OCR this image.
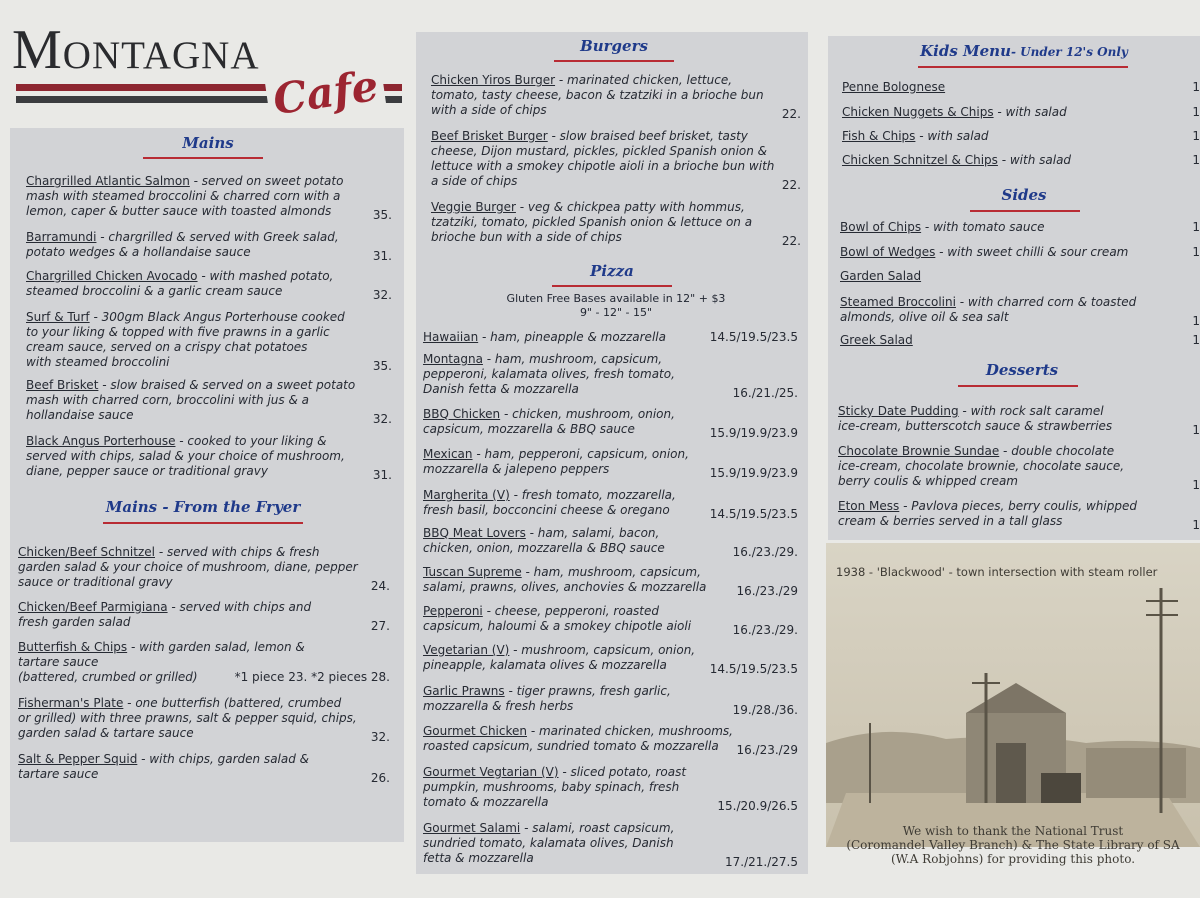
Montagna
Cafe
Mains
Chargrilled Atlantic Salmon - served on sweet potato
mash with steamed broccolini & charred corn with a
lemon, caper & butter sauce with toasted almonds	35.
Barramundi - chargrilled & served with Greek salad,
potato wedges & a hollandaise sauce	31.
Chargrilled Chicken Avocado - with mashed potato,
steamed broccolini & a garlic cream sauce	32.
Surf & Turf - 300gm Black Angus Porterhouse cooked
to your liking & topped with five prawns in a garlic
cream sauce, served on a crispy chat potatoes
with steamed broccolini	35.
Beef Brisket - slow braised & served on a sweet potato
mash with charred corn, broccolini with jus & a
hollandaise sauce	32.
Black Angus Porterhouse - cooked to your liking &
served with chips, salad & your choice of mushroom,
diane, pepper sauce or traditional gravy	31.
Mains - From the Fryer
Chicken/Beef Schnitzel - served with chips & fresh
garden salad & your choice of mushroom, diane, pepper
sauce or traditional gravy	24.
Chicken/Beef Parmigiana - served with chips and
fresh garden salad	27.
Butterfish & Chips - with garden salad, lemon &
tartare sauce
(battered, crumbed or grilled)	*1 piece 23. *2 pieces 28.
Fisherman's Plate - one butterfish (battered, crumbed
or grilled) with three prawns, salt & pepper squid, chips,
garden salad & tartare sauce	32.
Salt & Pepper Squid - with chips, garden salad &
tartare sauce	26.
Burgers
Chicken Yiros Burger - marinated chicken, lettuce,
tomato, tasty cheese, bacon & tzatziki in a brioche bun
with a side of chips	22.
Beef Brisket Burger - slow braised beef brisket, tasty
cheese, Dijon mustard, pickles, pickled Spanish onion &
lettuce with a smokey chipotle aioli in a brioche bun with
a side of chips	22.
Veggie Burger - veg & chickpea patty with hommus,
tzatziki, tomato, pickled Spanish onion & lettuce on a
brioche bun with a side of chips	22.
Pizza
Hawaiian - ham, pineapple & mozzarella	14.5/19.5/23.5
Montagna - ham, mushroom, capsicum,
pepperoni, kalamata olives, fresh tomato,
Danish fetta & mozzarella	16./21./25.
BBQ Chicken - chicken, mushroom, onion,
capsicum, mozzarella & BBQ sauce	15.9/19.9/23.9
Mexican - ham, pepperoni, capsicum, onion,
mozzarella & jalepeno peppers	15.9/19.9/23.9
Margherita (V) - fresh tomato, mozzarella,
fresh basil, bocconcini cheese & oregano	14.5/19.5/23.5
BBQ Meat Lovers - ham, salami, bacon,
chicken, onion, mozzarella & BBQ sauce	16./23./29.
Tuscan Supreme - ham, mushroom, capsicum,
salami, prawns, olives, anchovies & mozzarella	16./23./29
Pepperoni - cheese, pepperoni, roasted
capsicum, haloumi & a smokey chipotle aioli	16./23./29.
Vegetarian (V) - mushroom, capsicum, onion,
pineapple, kalamata olives & mozzarella	14.5/19.5/23.5
Garlic Prawns - tiger prawns, fresh garlic,
mozzarella & fresh herbs	19./28./36.
Gourmet Chicken - marinated chicken, mushrooms,
roasted capsicum, sundried tomato & mozzarella	16./23./29
Gourmet Vegtarian (V) - sliced potato, roast
pumpkin, mushrooms, baby spinach, fresh
tomato & mozzarella	15./20.9/26.5
Gourmet Salami - salami, roast capsicum,
sundried tomato, kalamata olives, Danish
fetta & mozzarella	17./21./27.5
Kids Menu- Under 12's Only
Penne Bolognese	1
Chicken Nuggets & Chips - with salad	1
Fish & Chips - with salad	1
Chicken Schnitzel & Chips - with salad	1
Sides
Bowl of Chips - with tomato sauce	1
Bowl of Wedges - with sweet chilli & sour cream	1
Garden Salad
Steamed Broccolini - with charred corn & toasted
almonds, olive oil & sea salt	1
Greek Salad	1
Desserts
Sticky Date Pudding - with rock salt caramel
ice-cream, butterscotch sauce & strawberries	1
Chocolate Brownie Sundae - double chocolate
ice-cream, chocolate brownie, chocolate sauce,
berry coulis & whipped cream	1
Eton Mess - Pavlova pieces, berry coulis, whipped
cream & berries served in a tall glass	1
Gluten Free Bases available in 12" + $3
9" - 12" - 15"
1938 - 'Blackwood' - town intersection with steam roller
We wish to thank the National Trust
(Coromandel Valley Branch) & The State Library of SA
(W.A Robjohns) for providing this photo.
